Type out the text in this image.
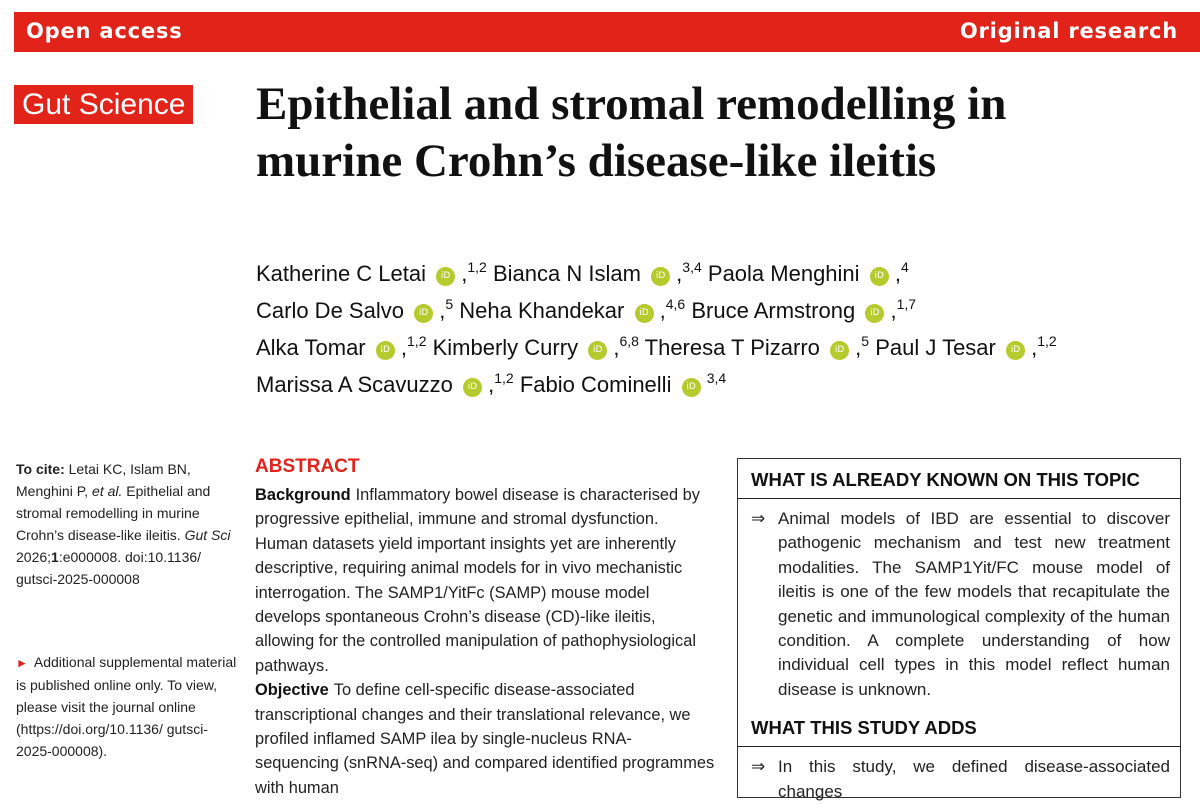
Open access	Original research
Gut Science Epithelial and stromal remodelling in
murine Crohn’s disease-like ileitis
Katherine C Letai iD ,$^{1,2}$ Bianca N Islam iD ,$^{3,4}$ Paola Menghini iD ,$^4$
Carlo De Salvo iD ,$^5$ Neha Khandekar iD ,$^{4,6}$ Bruce Armstrong iD ,$^{1,7}$
Alka Tomar iD ,$^{1,2}$ Kimberly Curry iD ,$^{6,8}$ Theresa T Pizarro iD ,$^5$ Paul J Tesar iD ,$^{1,2}$
Marissa A Scavuzzo iD ,$^{1,2}$ Fabio Cominelli iD $^{3,4}$
To cite: Letai KC, Islam BN, Menghini P, et al. Epithelial and stromal remodelling in murine Crohn’s disease-like ileitis. Gut Sci 2026;1:e000008. doi:10.1136/ gutsci-2025-000008
► Additional supplemental material is published online only. To view, please visit the journal online (https://doi.org/10.1136/ gutsci-2025-000008).
ABSTRACT

Background Inflammatory bowel disease is characterised by progressive epithelial, immune and stromal dysfunction. Human datasets yield important insights yet are inherently descriptive, requiring animal models for in vivo mechanistic interrogation. The SAMP1/YitFc (SAMP) mouse model develops spontaneous Crohn’s disease (CD)-like ileitis, allowing for the controlled manipulation of pathophysiological pathways.

Objective To define cell-specific disease-associated transcriptional changes and their translational relevance, we profiled inflamed SAMP ilea by single-nucleus RNA-sequencing (snRNA-seq) and compared identified programmes with human

WHAT IS ALREADY KNOWN ON THIS TOPIC
⇒ Animal models of IBD are essential to discover pathogenic mechanism and test new treatment modalities. The SAMP1Yit/FC mouse model of ileitis is one of the few models that recapitulate the genetic and immunological complexity of the human condition. A complete understanding of how individual cell types in this model reflect human disease is unknown.
WHAT THIS STUDY ADDS
⇒ In this study, we defined disease-associated changes
